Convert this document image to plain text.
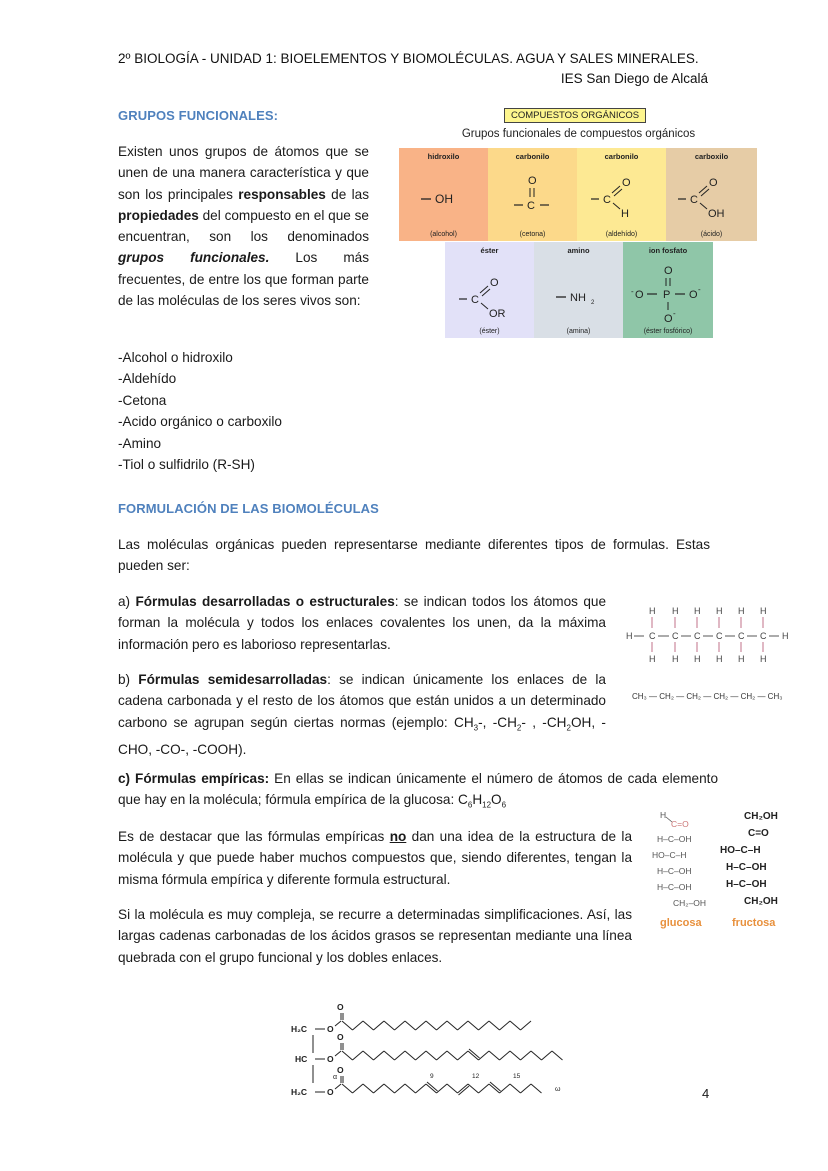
2º BIOLOGÍA - UNIDAD 1: BIOELEMENTOS Y BIOMOLÉCULAS. AGUA Y SALES MINERALES.
IES San Diego de Alcalá
GRUPOS FUNCIONALES:
Existen unos grupos de átomos que se unen de una manera característica y que son los principales responsables de las propiedades del compuesto en el que se encuentran, son los denominados grupos funcionales. Los más frecuentes, de entre los que forman parte de las moléculas de los seres vivos son:
-Alcohol o hidroxilo
-Aldehído
-Cetona
-Acido orgánico o carboxilo
-Amino
-Tiol o sulfidrilo (R-SH)
COMPUESTOS ORGÁNICOS
Grupos funcionales de compuestos orgánicos
hidroxilo
OH
(alcohol)
carbonilo
O
C
(cetona)
carbonilo
C
O
H
(aldehído)
carboxilo
C
O
OH
(ácido)
éster
C
O
OR
(éster)
amino
NH 2
(amina)
ion fosfato
O
- O P O -
O -
(éster fosfórico)
FORMULACIÓN DE LAS BIOMOLÉCULAS
Las moléculas orgánicas pueden representarse mediante diferentes tipos de formulas. Estas pueden ser:
a) Fórmulas desarrolladas o estructurales: se indican todos los átomos que forman la molécula y todos los enlaces covalentes los unen, da la máxima información pero es laborioso representarlas.
b) Fórmulas semidesarrolladas: se indican únicamente los enlaces de la cadena carbonada y el resto de los átomos que están unidos a un determinado carbono se agrupan según ciertas normas (ejemplo: $CH_3-$, $-CH_2-$ , $-CH_2OH$, -CHO, -CO-, -COOH).
H C
H
H
C
H
H
C
H
H
C
H
H
C
H
H
C
H
H
H
CH₃ — CH₂ — CH₂ — CH₂ — CH₂ — CH₃
c) Fórmulas empíricas: En ellas se indican únicamente el número de átomos de cada elemento que hay en la molécula; fórmula empírica de la glucosa: $C_6H_{12}O_6$
Es de destacar que las fórmulas empíricas no dan una idea de la estructura de la molécula y que puede haber muchos compuestos que, siendo diferentes, tengan la misma fórmula empírica y diferente formula estructural.
Si la molécula es muy compleja, se recurre a determinadas simplificaciones. Así, las largas cadenas carbonadas de los ácidos grasos se representan mediante una línea quebrada con el grupo funcional y los dobles enlaces.
H
C=O
H–C–OH
HO–C–H
H–C–OH
H–C–OH
CH₂–OH
CH₂OH
C=O
HO–C–H
H–C–OH
H–C–OH
CH₂OH
glucosa	fructosa
H₂C
HC
H₂C
α
ω
9	12	15
O
O
O
O
O
O
4
